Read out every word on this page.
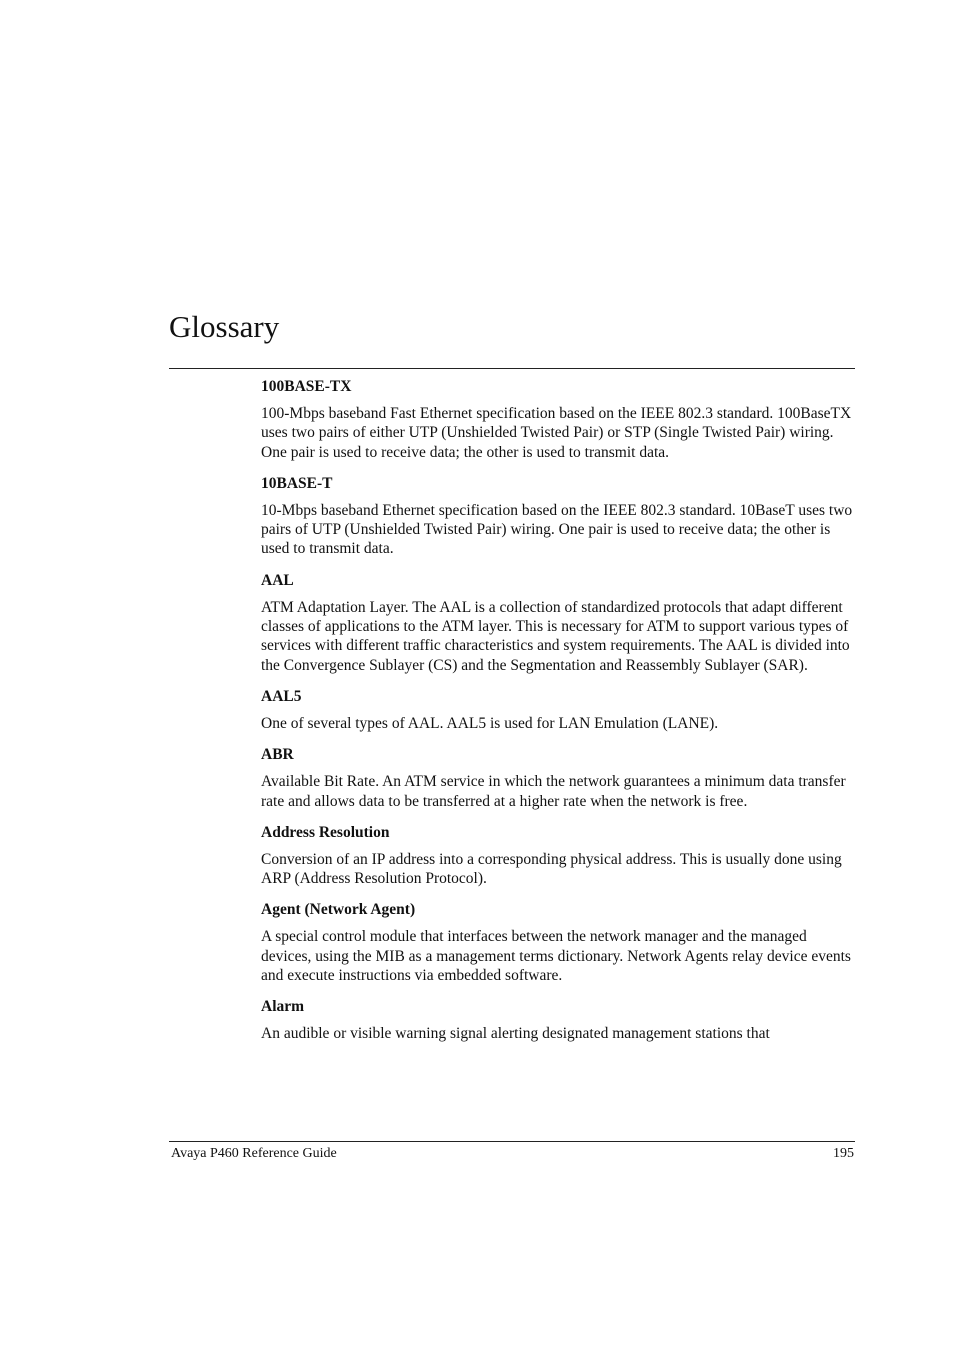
Glossary

100BASE-TX

100-Mbps baseband Fast Ethernet specification based on the IEEE 802.3 standard. 100BaseTX uses two pairs of either UTP (Unshielded Twisted Pair) or STP (Single Twisted Pair) wiring. One pair is used to receive data; the other is used to transmit data.

10BASE-T

10-Mbps baseband Ethernet specification based on the IEEE 802.3 standard. 10BaseT uses two pairs of UTP (Unshielded Twisted Pair) wiring. One pair is used to receive data; the other is used to transmit data.

AAL

ATM Adaptation Layer. The AAL is a collection of standardized protocols that adapt different classes of applications to the ATM layer. This is necessary for ATM to support various types of services with different traffic characteristics and system requirements. The AAL is divided into the Convergence Sublayer (CS) and the Segmentation and Reassembly Sublayer (SAR).

AAL5

One of several types of AAL. AAL5 is used for LAN Emulation (LANE).

ABR

Available Bit Rate. An ATM service in which the network guarantees a minimum data transfer rate and allows data to be transferred at a higher rate when the network is free.

Address Resolution

Conversion of an IP address into a corresponding physical address. This is usually done using ARP (Address Resolution Protocol).

Agent (Network Agent)

A special control module that interfaces between the network manager and the managed devices, using the MIB as a management terms dictionary. Network Agents relay device events and execute instructions via embedded software.

Alarm

An audible or visible warning signal alerting designated management stations that

Avaya P460 Reference Guide	195
